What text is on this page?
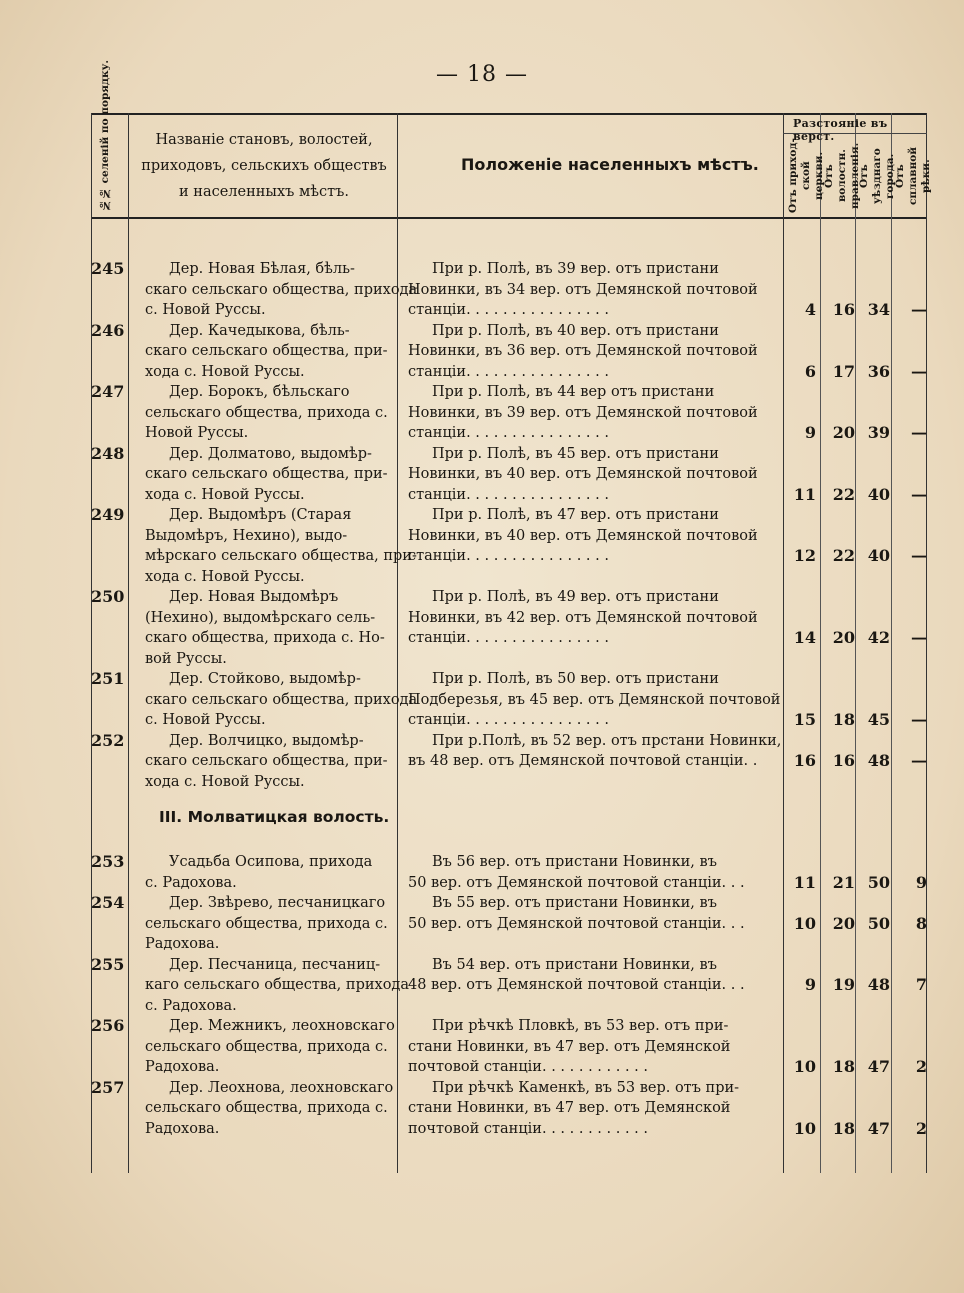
— 18 —
№№ селеній по порядку.	Названіе становъ, волостей,
приходовъ, сельскихъ обществъ
и населенныхъ мѣстъ.
Положеніе населенныхъ мѣстъ.
Разстояніе въ верст.
Отъ приход- ской церкви.
Отъ волостн. правленія.
Отъ уѣзднаго города.
Отъ сплавной рѣки.
245	Дер. Новая Бѣлая, бѣль-
скаго сельскаго общества, прихода
с. Новой Руссы.
При р. Полѣ, въ 39 вер. отъ пристани
Новинки, въ 34 вер. отъ Демянской почтовой
станціи. . . . . . . . . . . . . . . .	4	16 34	—
246	Дер. Качедыкова, бѣль-
скаго сельскаго общества, при-
хода с. Новой Руссы.
При р. Полѣ, въ 40 вер. отъ пристани
Новинки, въ 36 вер. отъ Демянской почтовой
станціи. . . . . . . . . . . . . . . .	6	17 36	—
247	Дер. Борокъ, бѣльскаго
сельскаго общества, прихода с.
Новой Руссы.
При р. Полѣ, въ 44 вер отъ пристани
Новинки, въ 39 вер. отъ Демянской почтовой
станціи. . . . . . . . . . . . . . . .	9	20 39	—
248	Дер. Долматово, выдомѣр-
скаго сельскаго общества, при-
хода с. Новой Руссы.
При р. Полѣ, въ 45 вер. отъ пристани
Новинки, въ 40 вер. отъ Демянской почтовой
станціи. . . . . . . . . . . . . . . .	11	22 40	—
249	Дер. Выдомѣръ (Старая
Выдомѣръ, Нехино), выдо-
мѣрскаго сельскаго общества, при-
хода с. Новой Руссы.
При р. Полѣ, въ 47 вер. отъ пристани
Новинки, въ 40 вер. отъ Демянской почтовой
станціи. . . . . . . . . . . . . . . .	12	22 40	—
250	Дер. Новая Выдомѣръ
(Нехино), выдомѣрскаго сель-
скаго общества, прихода с. Но-
вой Руссы.
При р. Полѣ, въ 49 вер. отъ пристани
Новинки, въ 42 вер. отъ Демянской почтовой
станціи. . . . . . . . . . . . . . . .	14	20 42	—
251	Дер. Стойково, выдомѣр-
скаго сельскаго общества, прихода
с. Новой Руссы.
При р. Полѣ, въ 50 вер. отъ пристани
Подберезья, въ 45 вер. отъ Демянской почтовой
станціи. . . . . . . . . . . . . . . .	15	18 45	—
252	Дер. Волчицко, выдомѣр-
скаго сельскаго общества, при-
хода с. Новой Руссы.
При р.Полѣ, въ 52 вер. отъ прстани Новинки,
въ 48 вер. отъ Демянской почтовой станціи. .	16	16 48	—
III. Молватицкая волость.
253	Усадьба Осипова, прихода
с. Радохова.
Въ 56 вер. отъ пристани Новинки, въ
50 вер. отъ Демянской почтовой станціи. . .	11	21 50	9
254	Дер. Звѣрево, песчаницкаго
сельскаго общества, прихода с.
Радохова.
Въ 55 вер. отъ пристани Новинки, въ
50 вер. отъ Демянской почтовой станціи. . .	10	20 50	8
255	Дер. Песчаница, песчаниц-
каго сельскаго общества, прихода
с. Радохова.
Въ 54 вер. отъ пристани Новинки, въ
48 вер. отъ Демянской почтовой станціи. . .	9	19 48	7
256	Дер. Межникъ, леохновскаго
сельскаго общества, прихода с.
Радохова.
При рѣчкѣ Пловкѣ, въ 53 вер. отъ при-
стани Новинки, въ 47 вер. отъ Демянской
почтовой станціи. . . . . . . . . . . .	10	18 47	2
257	Дер. Леохнова, леохновскаго
сельскаго общества, прихода с.
Радохова.
При рѣчкѣ Каменкѣ, въ 53 вер. отъ при-
стани Новинки, въ 47 вер. отъ Демянской
почтовой станціи. . . . . . . . . . . .	10	18 47	2
